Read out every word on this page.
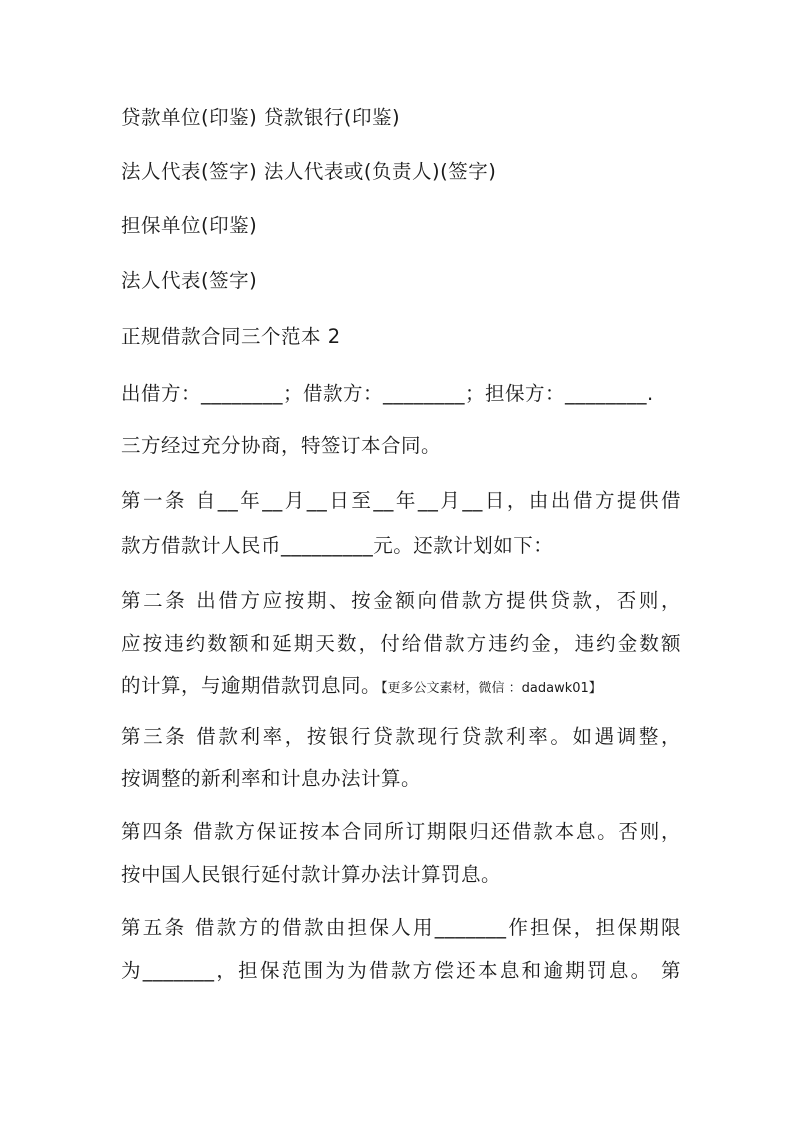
贷款单位(印鉴) 贷款银行(印鉴)
法人代表(签字) 法人代表或(负责人)(签字)
担保单位(印鉴)
法人代表(签字)
正规借款合同三个范本 2
出借方：________；借款方：________；担保方：________.
三方经过充分协商，特签订本合同。
第一条 自__年__月__日至__年__月__日，由出借方提供借
款方借款计人民币_________元。还款计划如下：
第二条 出借方应按期、按金额向借款方提供贷款，否则，
应按违约数额和延期天数，付给借款方违约金，违约金数额
的计算，与逾期借款罚息同。【更多公文素材，微信 ：dadawk01】
第三条 借款利率，按银行贷款现行贷款利率。如遇调整，
按调整的新利率和计息办法计算。
第四条 借款方保证按本合同所订期限归还借款本息。否则，
按中国人民银行延付款计算办法计算罚息。
第五条 借款方的借款由担保人用_______作担保，担保期限
为_______，担保范围为为借款方偿还本息和逾期罚息。 第
